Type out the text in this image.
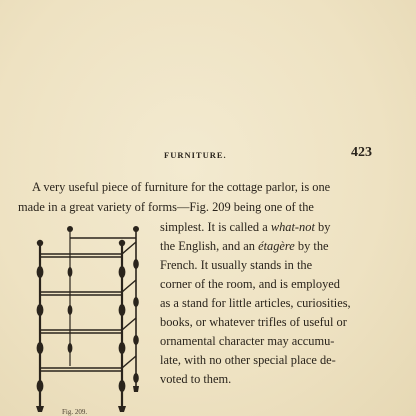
FURNITURE.	423
A very useful piece of furniture for the cottage parlor, is one
made in a great variety of forms—Fig. 209 being one of the
simplest. It is called a what-not by
the English, and an étagère by the
French. It usually stands in the
corner of the room, and is employed
as a stand for little articles, curiosities,
books, or whatever trifles of useful or
ornamental character may accumu-
late, with no other special place de-
voted to them.
Fig. 209.
